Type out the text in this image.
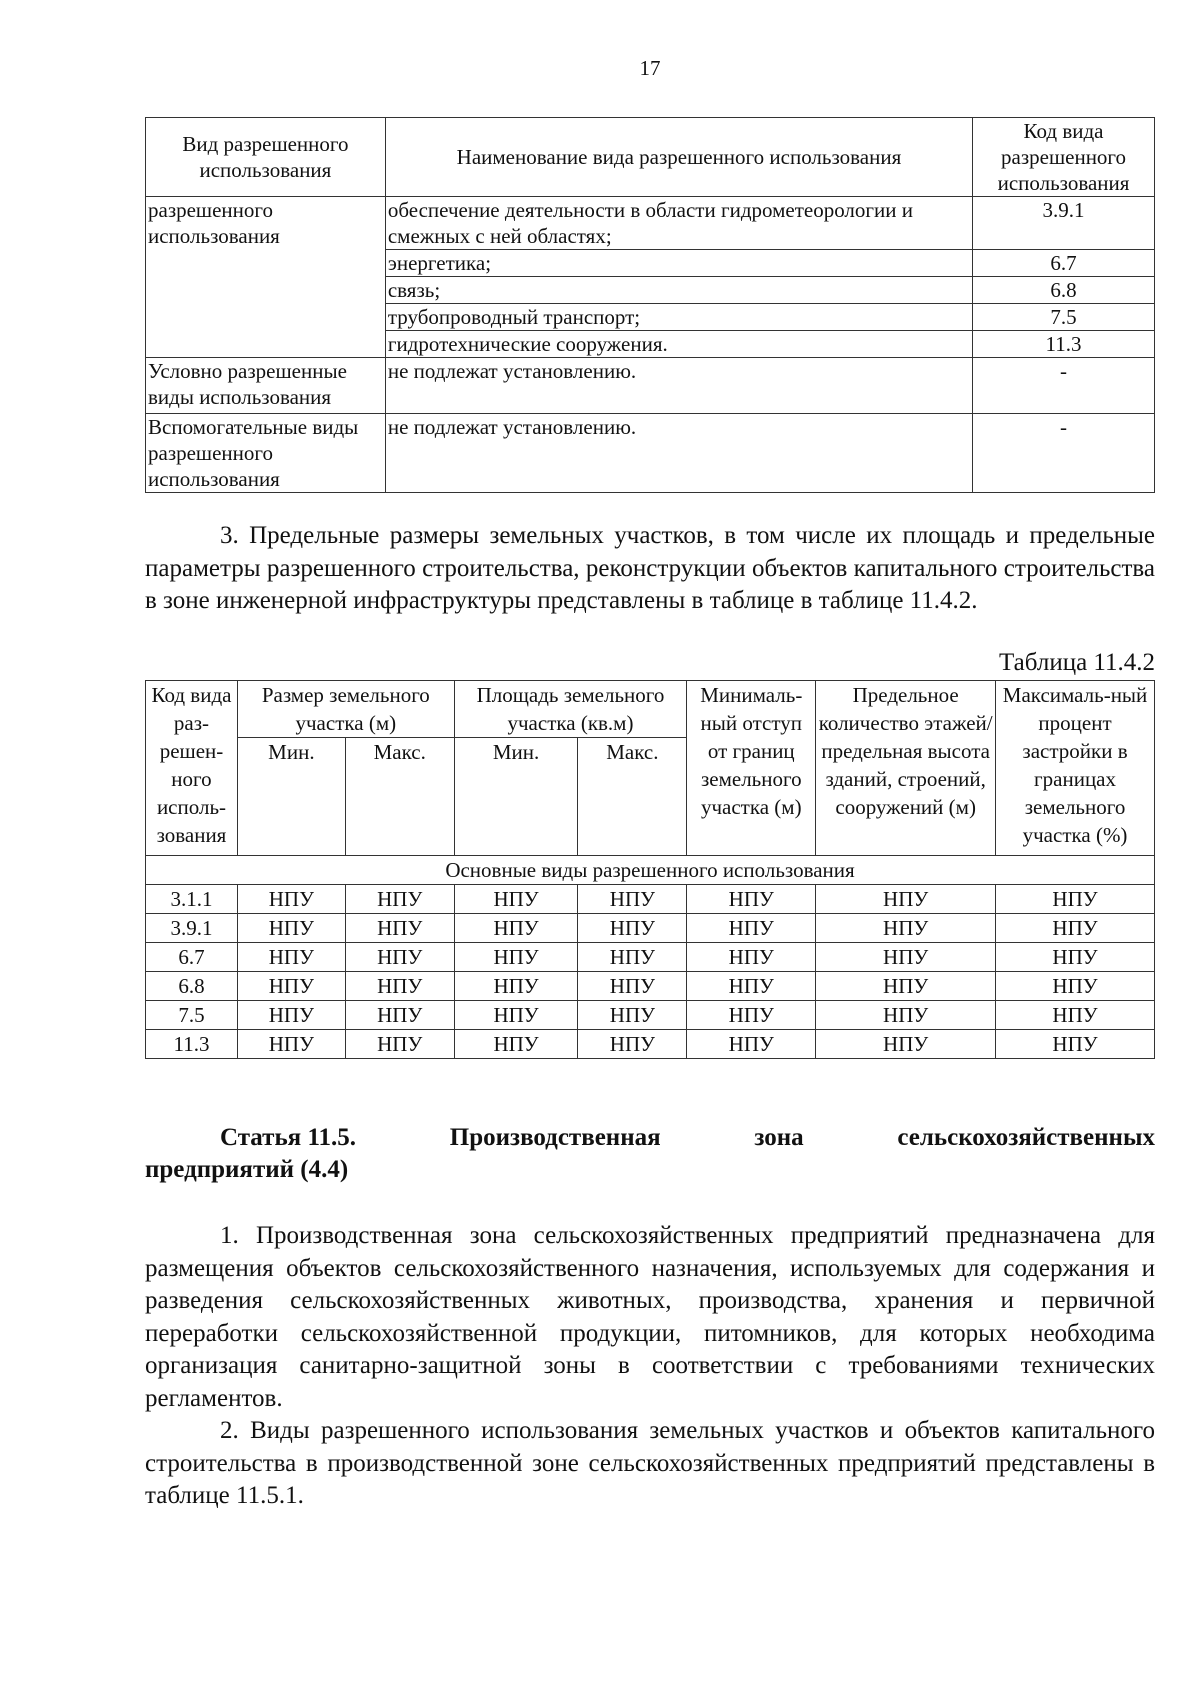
17
Вид разрешенного использования	Наименование вида разрешенного использования	Код вида разрешенного использования
разрешенного использования	обеспечение деятельности в области гидрометеорологии и смежных с ней областях;	3.9.1
	энергетика;	6.7
	связь;	6.8
	трубопроводный транспорт;	7.5
	гидротехнические сооружения.	11.3
Условно разрешенные виды использования	не подлежат установлению.	-
Вспомогательные виды разрешенного использования	не подлежат установлению.	-

3. Предельные размеры земельных участков, в том числе их площадь и предельные параметры разрешенного строительства, реконструкции объектов капитального строительства в зоне инженерной инфраструктуры представлены в таблице в таблице 11.4.2.

Таблица 11.4.2
Код вида раз-решен-ного исполь-зования	Размер земельного участка (м)		Площадь земельного участка (кв.м)		Минималь-ный отступ от границ земельного участка (м)	Предельное количество этажей/ предельная высота зданий, строений, сооружений (м)	Максималь-ный процент застройки в границах земельного участка (%)
	Мин.	Макс.	Мин.	Макс.			
Основные виды разрешенного использования							
3.1.1	НПУ	НПУ	НПУ	НПУ	НПУ	НПУ	НПУ
3.9.1	НПУ	НПУ	НПУ	НПУ	НПУ	НПУ	НПУ
6.7	НПУ	НПУ	НПУ	НПУ	НПУ	НПУ	НПУ
6.8	НПУ	НПУ	НПУ	НПУ	НПУ	НПУ	НПУ
7.5	НПУ	НПУ	НПУ	НПУ	НПУ	НПУ	НПУ
11.3	НПУ	НПУ	НПУ	НПУ	НПУ	НПУ	НПУ
Статья 11.5.	Производственная	зона	сельскохозяйственных
предприятий (4.4)

1. Производственная зона сельскохозяйственных предприятий предназначена для размещения объектов сельскохозяйственного назначения, используемых для содержания и разведения сельскохозяйственных животных, производства, хранения и первичной переработки сельскохозяйственной продукции, питомников, для которых необходима организация санитарно-защитной зоны в соответствии с требованиями технических регламентов.

2. Виды разрешенного использования земельных участков и объектов капитального строительства в производственной зоне сельскохозяйственных предприятий представлены в таблице 11.5.1.
